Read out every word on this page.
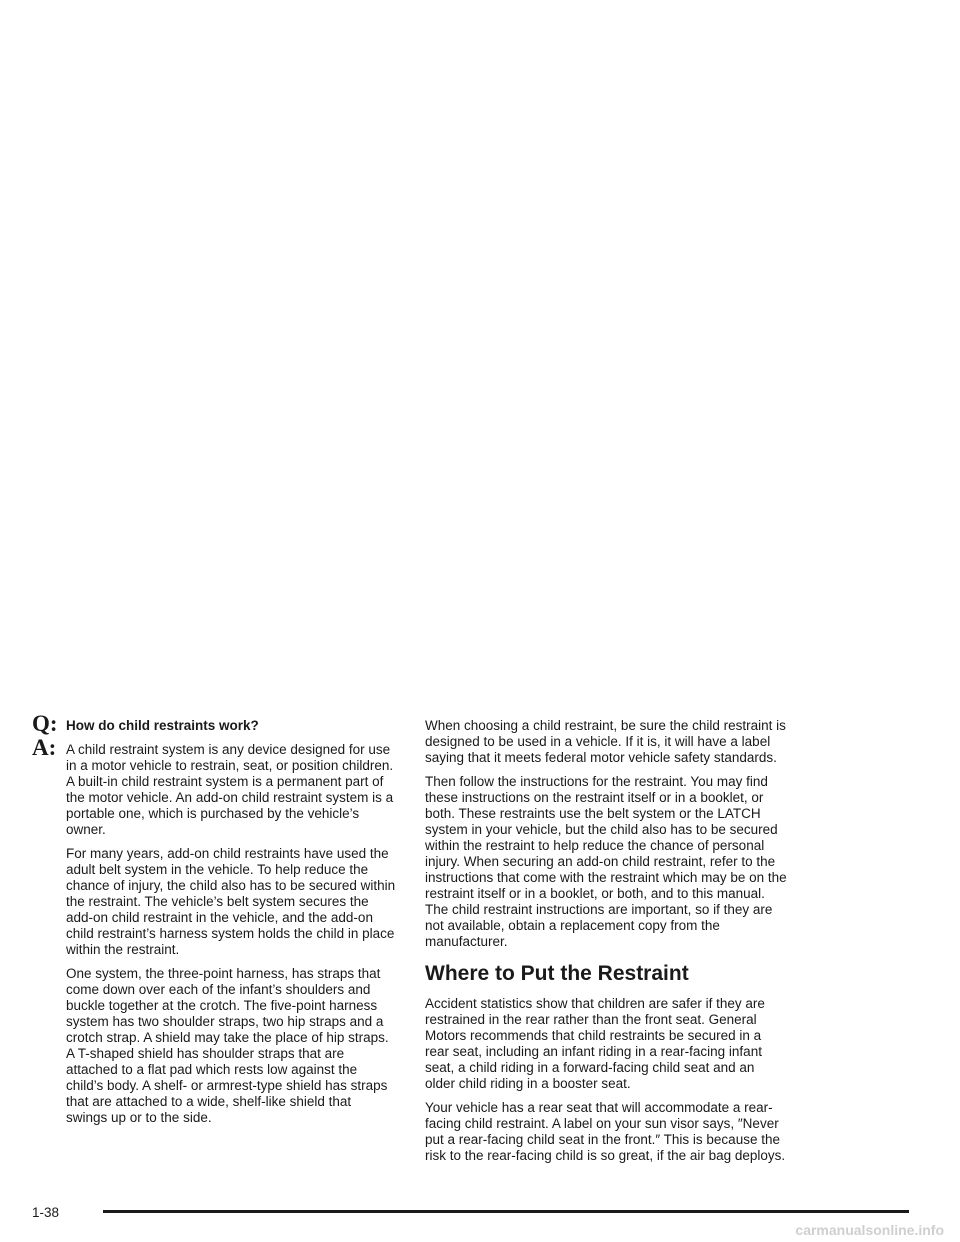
Q: How do child restraints work?

A: A child restraint system is any device designed for use in a motor vehicle to restrain, seat, or position children. A built-in child restraint system is a permanent part of the motor vehicle. An add-on child restraint system is a portable one, which is purchased by the vehicle’s owner.

For many years, add-on child restraints have used the adult belt system in the vehicle. To help reduce the chance of injury, the child also has to be secured within the restraint. The vehicle’s belt system secures the add-on child restraint in the vehicle, and the add-on child restraint’s harness system holds the child in place within the restraint.

One system, the three-point harness, has straps that come down over each of the infant’s shoulders and buckle together at the crotch. The five-point harness system has two shoulder straps, two hip straps and a crotch strap. A shield may take the place of hip straps. A T-shaped shield has shoulder straps that are attached to a flat pad which rests low against the child’s body. A shelf- or armrest-type shield has straps that are attached to a wide, shelf-like shield that swings up or to the side.

When choosing a child restraint, be sure the child restraint is designed to be used in a vehicle. If it is, it will have a label saying that it meets federal motor vehicle safety standards.

Then follow the instructions for the restraint. You may find these instructions on the restraint itself or in a booklet, or both. These restraints use the belt system or the LATCH system in your vehicle, but the child also has to be secured within the restraint to help reduce the chance of personal injury. When securing an add-on child restraint, refer to the instructions that come with the restraint which may be on the restraint itself or in a booklet, or both, and to this manual. The child restraint instructions are important, so if they are not available, obtain a replacement copy from the manufacturer.

Where to Put the Restraint

Accident statistics show that children are safer if they are restrained in the rear rather than the front seat. General Motors recommends that child restraints be secured in a rear seat, including an infant riding in a rear-facing infant seat, a child riding in a forward-facing child seat and an older child riding in a booster seat.

Your vehicle has a rear seat that will accommodate a rear-facing child restraint. A label on your sun visor says, ″Never put a rear-facing child seat in the front.″ This is because the risk to the rear-facing child is so great, if the air bag deploys.

1-38
carmanualsonline.info
